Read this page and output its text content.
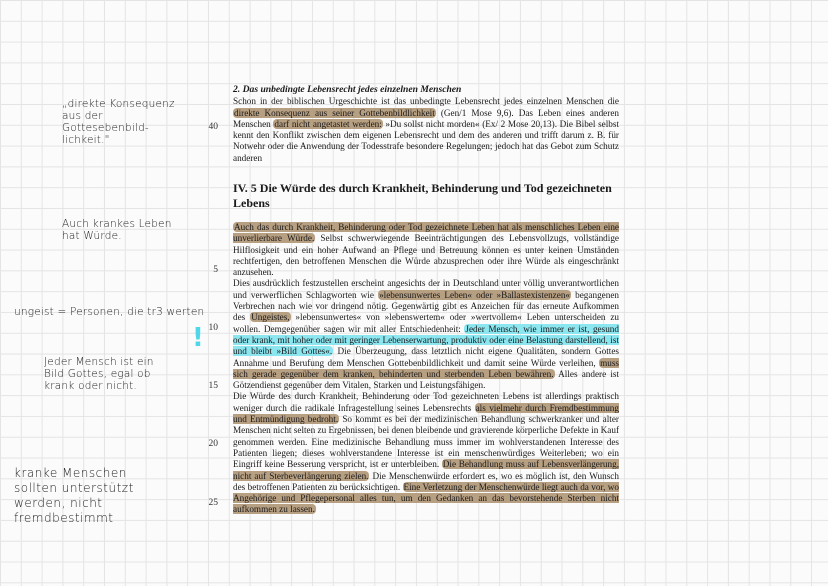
„direkte Konsequenz aus der Gottesebenbild-lichkeit."
Auch krankes Leben hat Würde.
ungeist = Personen, die tr3 werten
Jeder Mensch ist ein Bild Gottes, egal ob krank oder nicht.
kranke Menschen sollten unterstützt werden, nicht fremdbestimmt
!
40
5
10
15
20
25

2. Das unbedingte Lebensrecht jedes einzelnen Menschen

Schon in der biblischen Urgeschichte ist das unbedingte Lebensrecht jedes einzelnen Menschen die direkte Konsequenz aus seiner Gottebenbildlichkeit (Gen/1 Mose 9,6). Das Leben eines anderen Menschen darf nicht angetastet werden: »Du sollst nicht morden« (Ex/ 2 Mose 20,13). Die Bibel selbst kennt den Konflikt zwischen dem eigenen Lebensrecht und dem des anderen und trifft darum z. B. für Notwehr oder die Anwendung der Todesstrafe besondere Regelungen; jedoch hat das Gebot zum Schutz anderen

IV. 5 Die Würde des durch Krankheit, Behinderung und Tod gezeichneten Lebens

Auch das durch Krankheit, Behinderung oder Tod gezeichnete Leben hat als menschliches Leben eine unverlierbare Würde. Selbst schwerwiegende Beeinträchtigungen des Lebensvollzugs, vollständige Hilflosigkeit und ein hoher Aufwand an Pflege und Betreuung können es unter keinen Umständen rechtfertigen, den betroffenen Menschen die Würde abzusprechen oder ihre Würde als eingeschränkt anzusehen.

Dies ausdrücklich festzustellen erscheint angesichts der in Deutschland unter völlig unverantwortlichen und verwerflichen Schlagworten wie »lebensunwertes Leben« oder »Ballastexistenzen« begangenen Verbrechen nach wie vor dringend nötig. Gegenwärtig gibt es Anzeichen für das erneute Aufkommen des Ungeistes, »lebensunwertes« von »lebenswertem« oder »wertvollem« Leben unterscheiden zu wollen. Demgegenüber sagen wir mit aller Entschiedenheit: Jeder Mensch, wie immer er ist, gesund oder krank, mit hoher oder mit geringer Lebenserwartung, produktiv oder eine Belastung darstellend, ist und bleibt »Bild Gottes«. Die Überzeugung, dass letztlich nicht eigene Qualitäten, sondern Gottes Annahme und Berufung dem Menschen Gottebenbildlichkeit und damit seine Würde verleihen, muss sich gerade gegenüber dem kranken, behinderten und sterbenden Leben bewähren. Alles andere ist Götzendienst gegenüber dem Vitalen, Starken und Leistungsfähigen.

Die Würde des durch Krankheit, Behinderung oder Tod gezeichneten Lebens ist allerdings praktisch weniger durch die radikale Infragestellung seines Lebensrechts als vielmehr durch Fremdbestimmung und Entmündigung bedroht. So kommt es bei der medizinischen Behandlung schwerkranker und alter Menschen nicht selten zu Ergebnissen, bei denen bleibende und gravierende körperliche Defekte in Kauf genommen werden. Eine medizinische Behandlung muss immer im wohlverstandenen Interesse des Patienten liegen; dieses wohlverstandene Interesse ist ein menschenwürdiges Weiterleben; wo ein Eingriff keine Besserung verspricht, ist er unterbleiben. Die Behandlung muss auf Lebensverlängerung, nicht auf Sterbeverlängerung zielen. Die Menschenwürde erfordert es, wo es möglich ist, den Wunsch des betroffenen Patienten zu berücksichtigen. Eine Verletzung der Menschenwürde liegt auch da vor, wo Angehörige und Pflegepersonal alles tun, um den Gedanken an das bevorstehende Sterben nicht aufkommen zu lassen.
